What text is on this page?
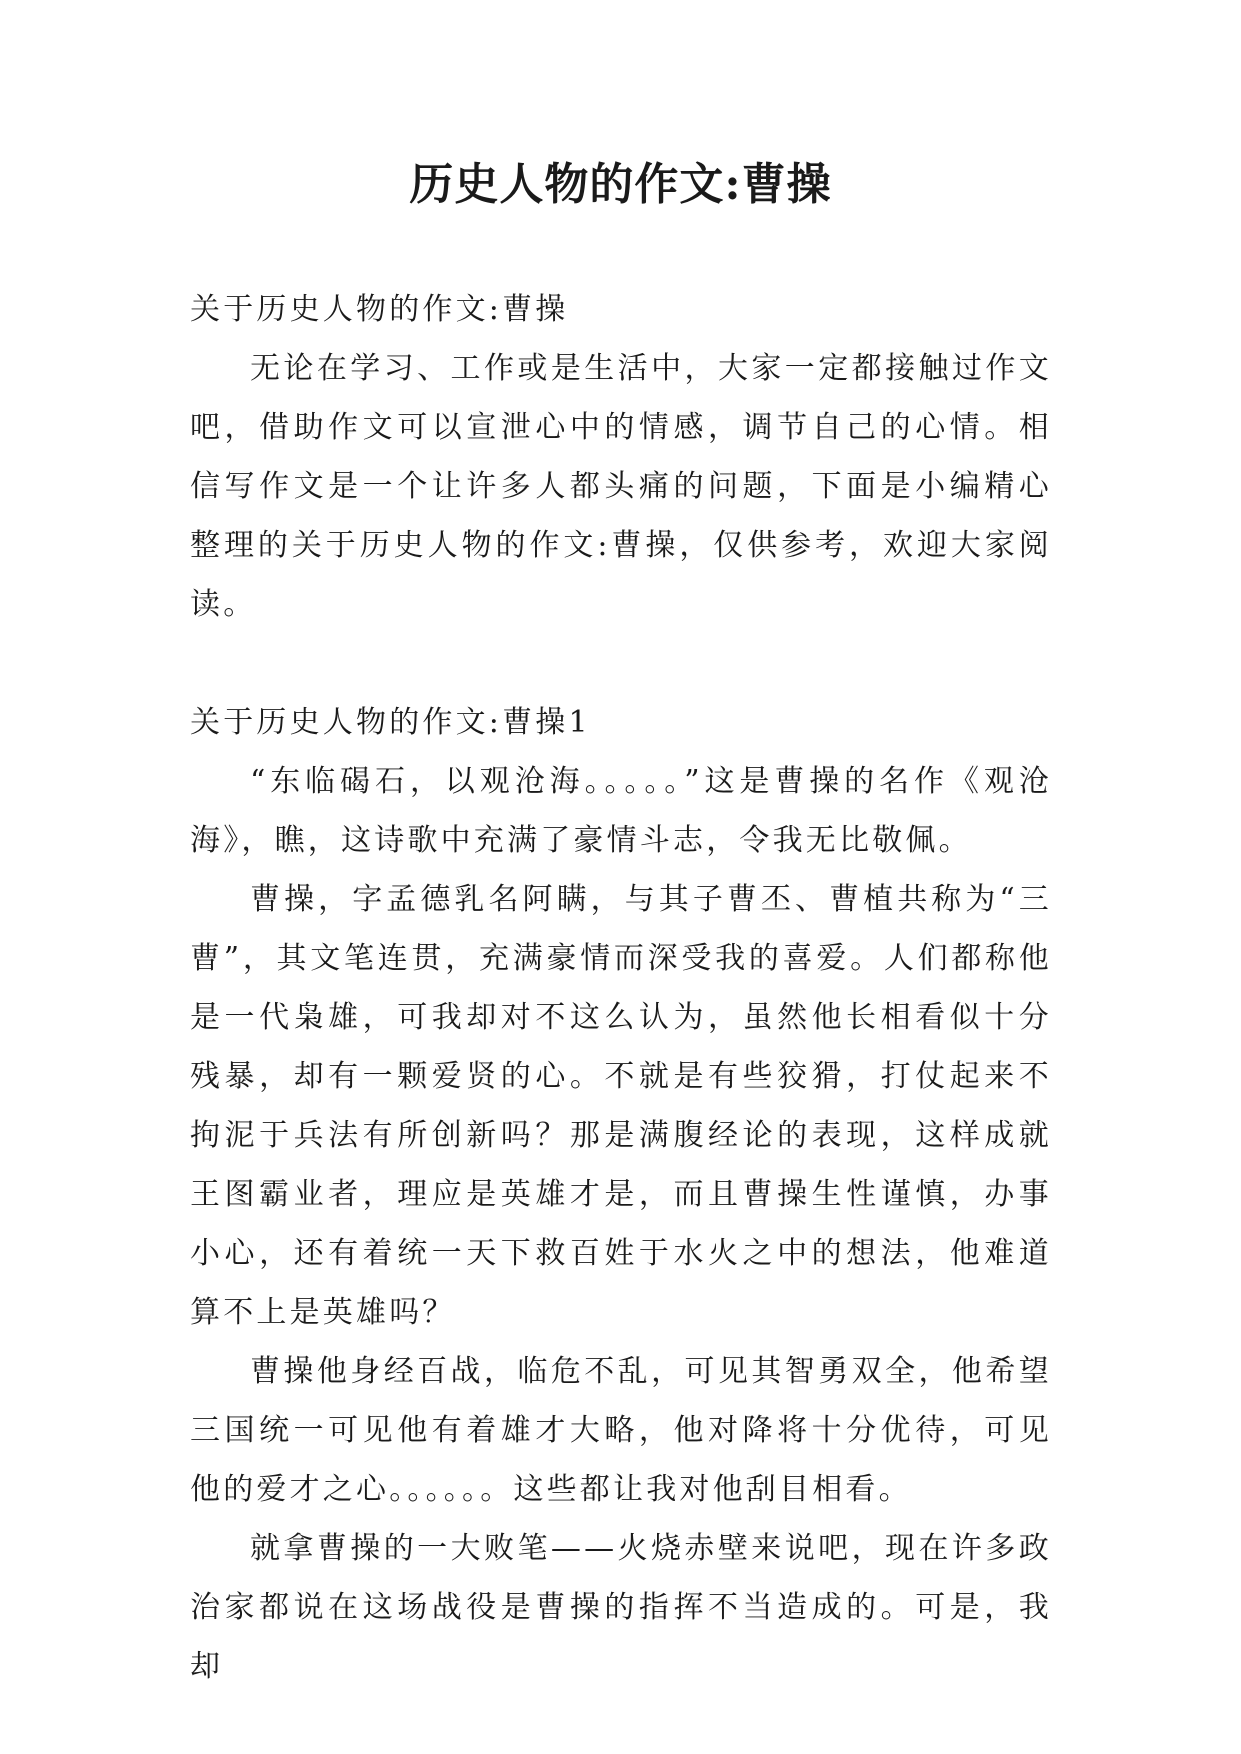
历史人物的作文:曹操

关于历史人物的作文:曹操

无论在学习、工作或是生活中，大家一定都接触过作文吧，借助作文可以宣泄心中的情感，调节自己的心情。相信写作文是一个让许多人都头痛的问题，下面是小编精心整理的关于历史人物的作文:曹操，仅供参考，欢迎大家阅读。

关于历史人物的作文:曹操1

“东临碣石，以观沧海。。。。。”这是曹操的名作《观沧海》，瞧，这诗歌中充满了豪情斗志，令我无比敬佩。

曹操，字孟德乳名阿瞒，与其子曹丕、曹植共称为“三曹”，其文笔连贯，充满豪情而深受我的喜爱。人们都称他是一代枭雄，可我却对不这么认为，虽然他长相看似十分残暴，却有一颗爱贤的心。不就是有些狡猾，打仗起来不拘泥于兵法有所创新吗？那是满腹经论的表现，这样成就王图霸业者，理应是英雄才是，而且曹操生性谨慎，办事小心，还有着统一天下救百姓于水火之中的想法，他难道算不上是英雄吗？

曹操他身经百战，临危不乱，可见其智勇双全，他希望三国统一可见他有着雄才大略，他对降将十分优待，可见他的爱才之心。。。。。。这些都让我对他刮目相看。

就拿曹操的一大败笔——火烧赤壁来说吧，现在许多政治家都说在这场战役是曹操的指挥不当造成的。可是，我却
